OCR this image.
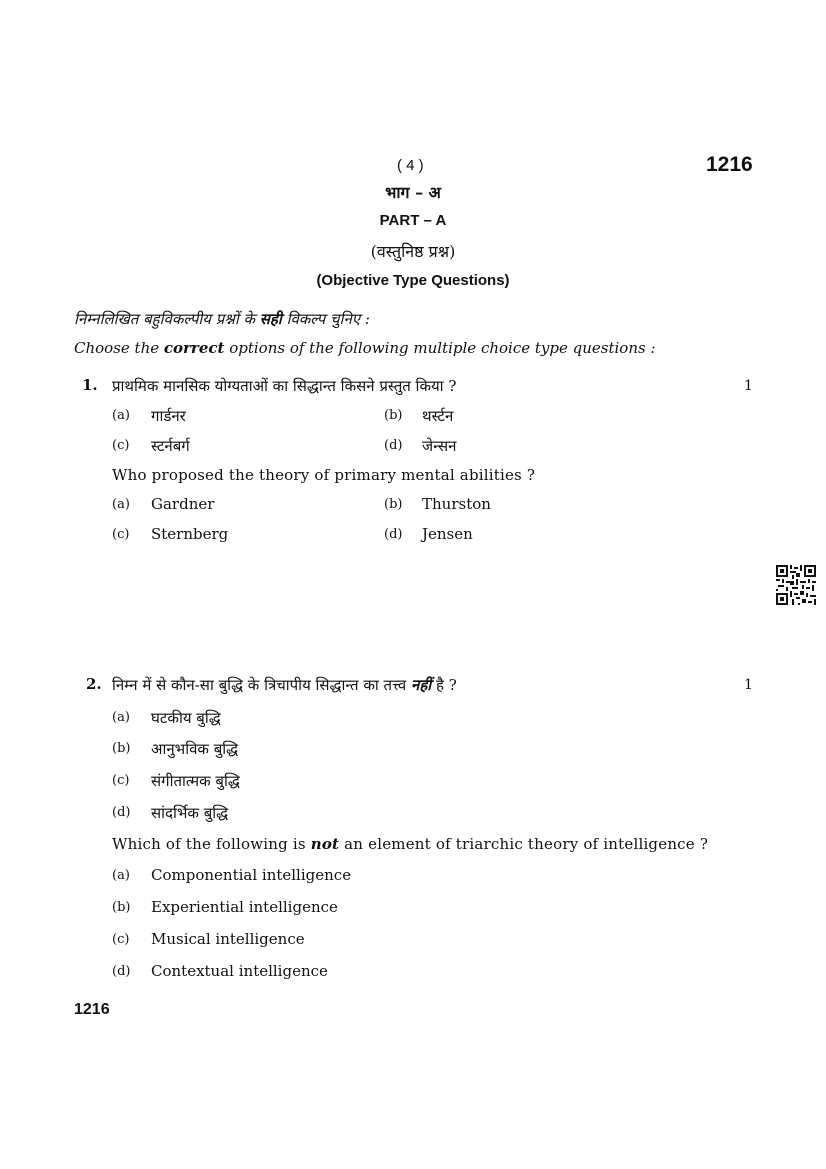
( 4 )	1216
भाग – अ
PART – A
(वस्तुनिष्ठ प्रश्न)
(Objective Type Questions)
निम्नलिखित बहुविकल्पीय प्रश्नों के सही विकल्प चुनिए :
Choose the correct options of the following multiple choice type questions :
1. प्राथमिक मानसिक योग्यताओं का सिद्धान्त किसने प्रस्तुत किया ?	1
(a) गार्डनर	(b) थर्स्टन
(c) स्टर्नबर्ग	(d) जेन्सन
Who proposed the theory of primary mental abilities ?
(a) Gardner	(b) Thurston
(c) Sternberg	(d) Jensen
2. निम्न में से कौन-सा बुद्धि के त्रिचापीय सिद्धान्त का तत्त्व नहीं है ?	1
(a) घटकीय बुद्धि
(b) आनुभविक बुद्धि
(c) संगीतात्मक बुद्धि
(d) सांदर्भिक बुद्धि
Which of the following is not an element of triarchic theory of intelligence ?
(a) Componential intelligence
(b) Experiential intelligence
(c) Musical intelligence
(d) Contextual intelligence
1216
